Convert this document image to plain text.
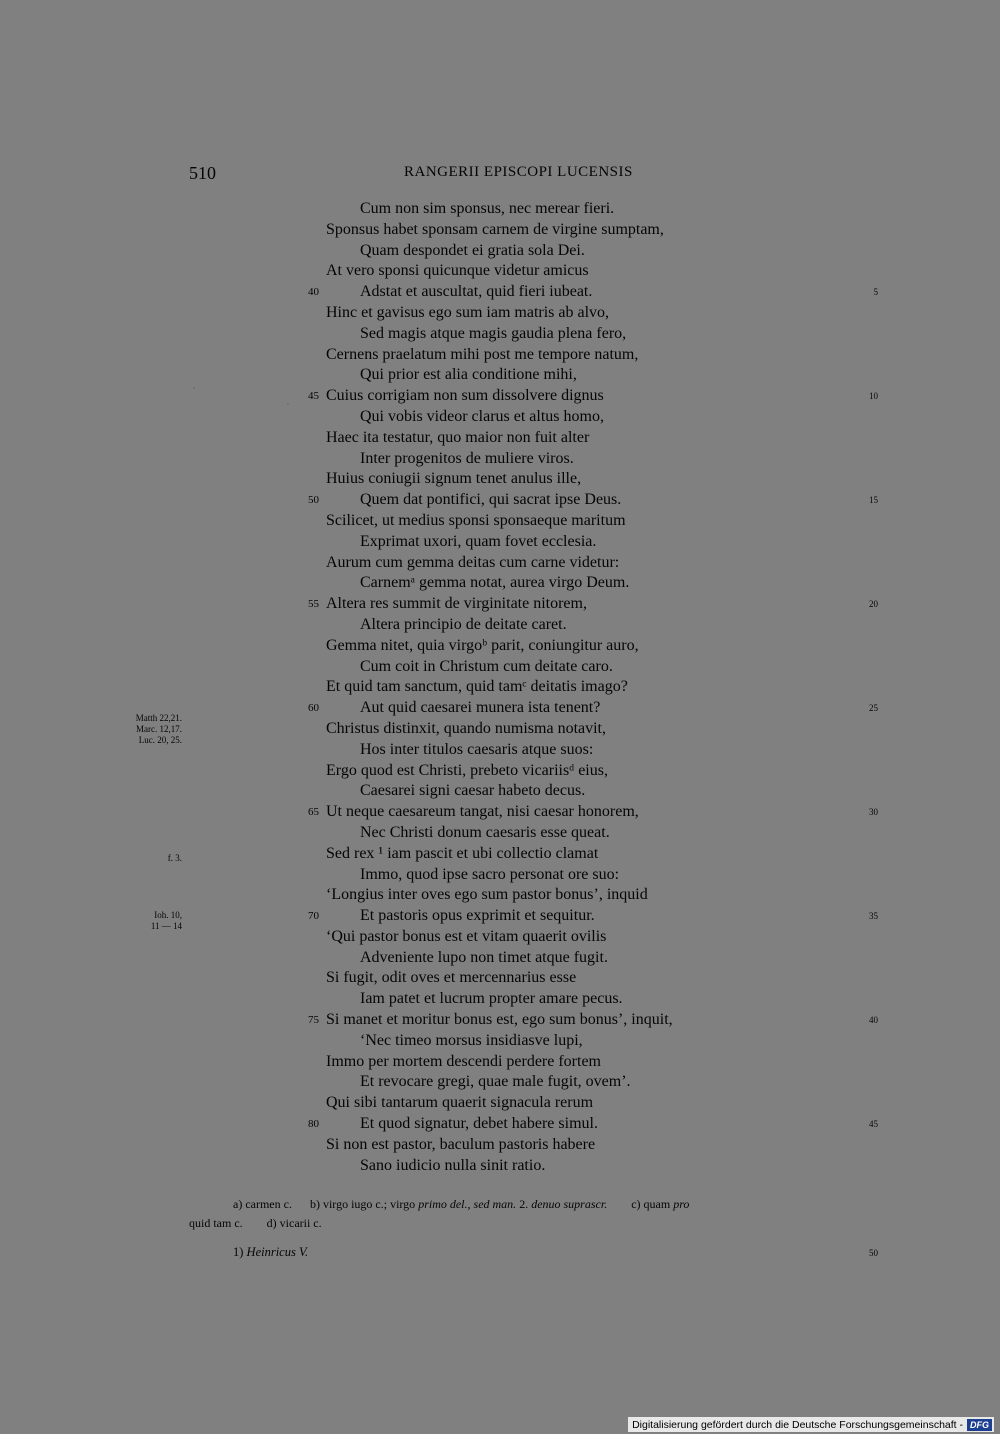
510	RANGERII EPISCOPI LUCENSIS
Cum non sim sponsus, nec merear fieri.
Sponsus habet sponsam carnem de virgine sumptam,
Quam despondet ei gratia sola Dei.
At vero sponsi quicunque videtur amicus
40	Adstat et auscultat, quid fieri iubeat.	5
Hinc et gavisus ego sum iam matris ab alvo,
Sed magis atque magis gaudia plena fero,
Cernens praelatum mihi post me tempore natum,
Qui prior est alia conditione mihi,
45 Cuius corrigiam non sum dissolvere dignus	10
Qui vobis videor clarus et altus homo,
Haec ita testatur, quo maior non fuit alter
Inter progenitos de muliere viros.
Huius coniugii signum tenet anulus ille,
50	Quem dat pontifici, qui sacrat ipse Deus.	15
Scilicet, ut medius sponsi sponsaeque maritum
Exprimat uxori, quam fovet ecclesia.
Aurum cum gemma deitas cum carne videtur:
Carnemᵃ gemma notat, aurea virgo Deum.
55 Altera res summit de virginitate nitorem,	20
Altera principio de deitate caret.
Gemma nitet, quia virgoᵇ parit, coniungitur auro,
Cum coit in Christum cum deitate caro.
Et quid tam sanctum, quid tamᶜ deitatis imago?
60	Aut quid caesarei munera ista tenent?	25
Christus distinxit, quando numisma notavit,
Hos inter titulos caesaris atque suos:
Ergo quod est Christi, prebeto vicariisᵈ eius,
Caesarei signi caesar habeto decus.
65 Ut neque caesareum tangat, nisi caesar honorem,	30
Nec Christi donum caesaris esse queat.
Sed rex ¹ iam pascit et ubi collectio clamat
Immo, quod ipse sacro personat ore suo:
‘Longius inter oves ego sum pastor bonus’, inquid
70	Et pastoris opus exprimit et sequitur.	35
‘Qui pastor bonus est et vitam quaerit ovilis
Adveniente lupo non timet atque fugit.
Si fugit, odit oves et mercennarius esse
Iam patet et lucrum propter amare pecus.
75 Si manet et moritur bonus est, ego sum bonus’, inquit,	40
‘Nec timeo morsus insidiasve lupi,
Immo per mortem descendi perdere fortem
Et revocare gregi, quae male fugit, ovem’.
Qui sibi tantarum quaerit signacula rerum
80	Et quod signatur, debet habere simul.	45
Si non est pastor, baculum pastoris habere
Sano iudicio nulla sinit ratio.
Matth 22,21.
Marc. 12,17.
Luc. 20, 25.
f. 3.
Ioh. 10,
11 — 14
·
·
a) carmen c. b) virgo iugo c.; virgo primo del., sed man. 2. denuo suprascr. c) quam pro
quid tam c. d) vicarii c.
1) Heinricus V.	50
Digitalisierung gefördert durch die Deutsche Forschungsgemeinschaft - DFG
